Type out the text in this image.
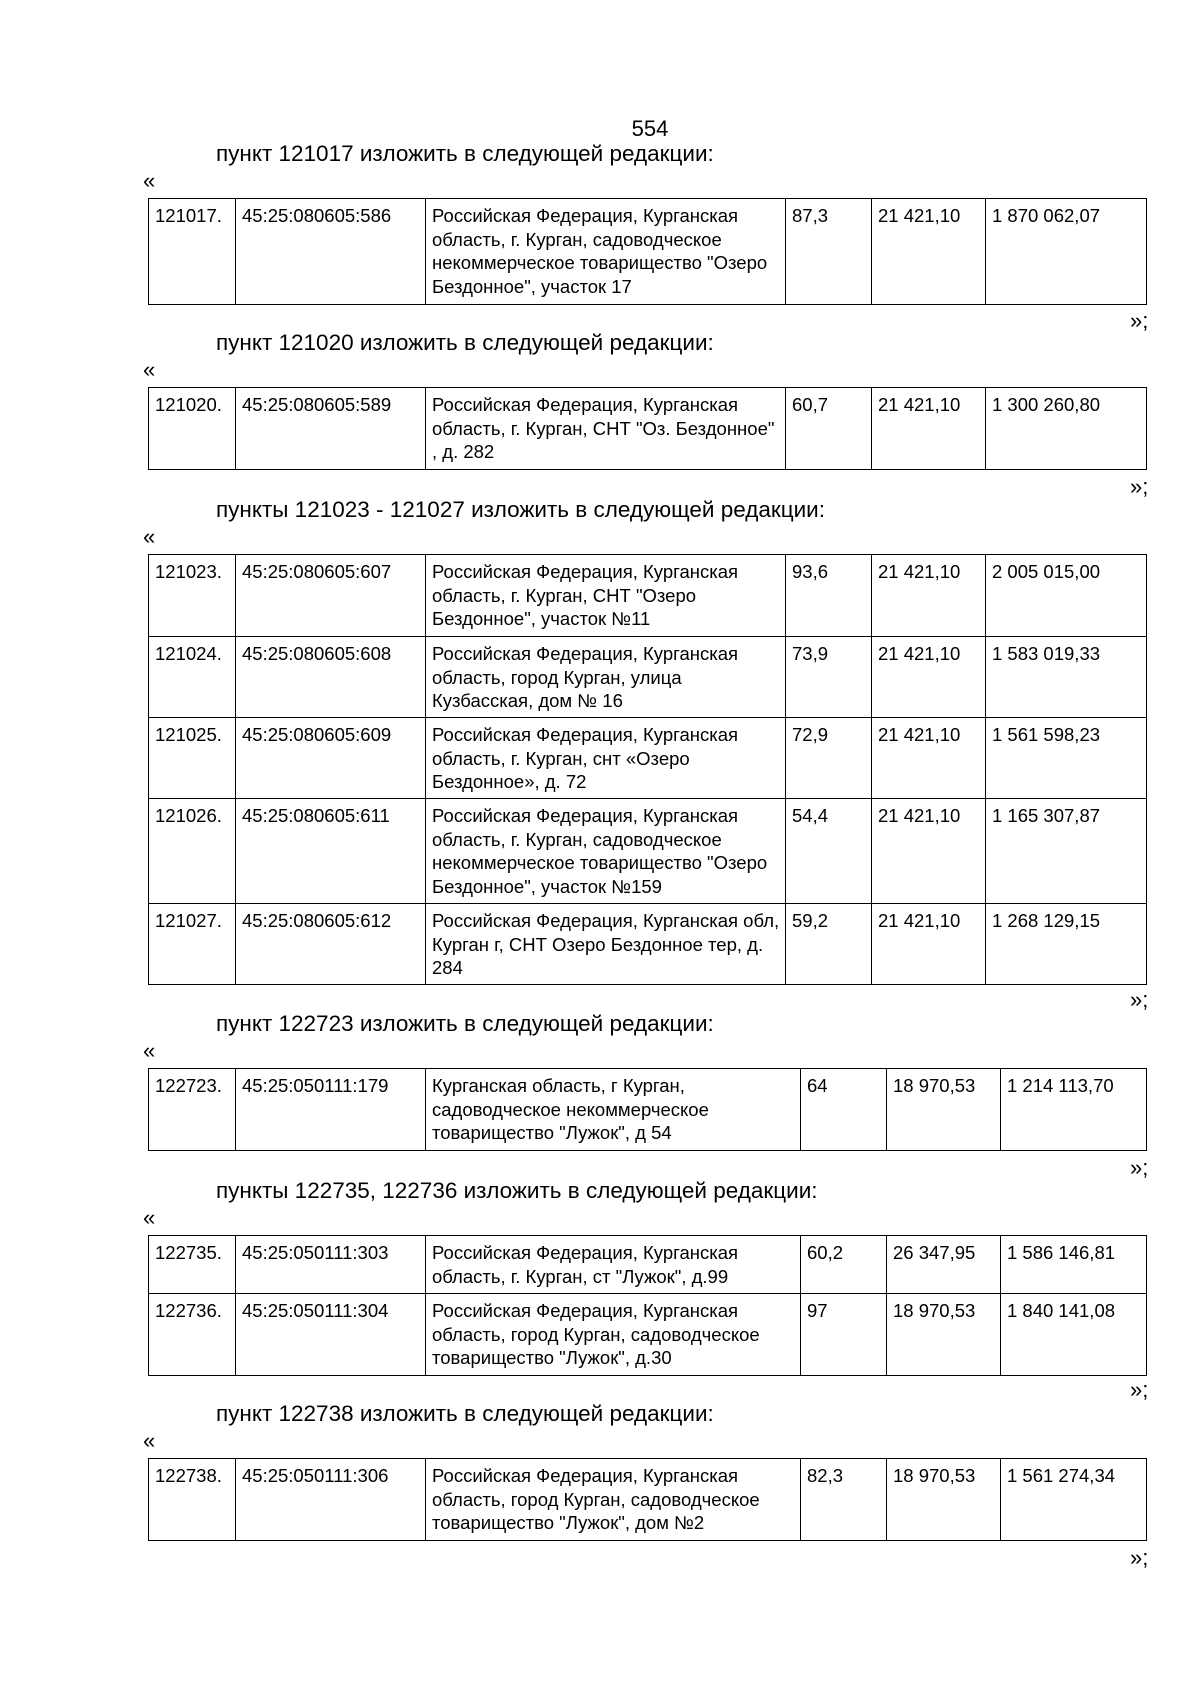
554
пункт 121017 изложить в следующей редакции:
«
121017.	45:25:080605:586	Российская Федерация, Курганская область, г. Курган, садоводческое некоммерческое товарищество "Озеро Бездонное", участок 17	87,3	21 421,10	1 870 062,07
»;
пункт 121020 изложить в следующей редакции:
«
121020.	45:25:080605:589	Российская Федерация, Курганская область, г. Курган, СНТ "Оз. Бездонное" , д. 282	60,7	21 421,10	1 300 260,80
»;
пункты 121023 - 121027 изложить в следующей редакции:
«
121023.	45:25:080605:607	Российская Федерация, Курганская область, г. Курган, СНТ "Озеро Бездонное", участок №11	93,6	21 421,10	2 005 015,00
121024.	45:25:080605:608	Российская Федерация, Курганская область, город Курган, улица Кузбасская, дом № 16	73,9	21 421,10	1 583 019,33
121025.	45:25:080605:609	Российская Федерация, Курганская область, г. Курган, снт «Озеро Бездонное», д. 72	72,9	21 421,10	1 561 598,23
121026.	45:25:080605:611	Российская Федерация, Курганская область, г. Курган, садоводческое некоммерческое товарищество "Озеро Бездонное", участок №159	54,4	21 421,10	1 165 307,87
121027.	45:25:080605:612	Российская Федерация, Курганская обл, Курган г, СНТ Озеро Бездонное тер, д. 284	59,2	21 421,10	1 268 129,15
»;
пункт 122723 изложить в следующей редакции:
«
122723.	45:25:050111:179	Курганская область, г Курган, садоводческое некоммерческое товарищество "Лужок", д 54	64	18 970,53	1 214 113,70
»;
пункты 122735, 122736 изложить в следующей редакции:
«
122735.	45:25:050111:303	Российская Федерация, Курганская область, г. Курган, ст "Лужок", д.99	60,2	26 347,95	1 586 146,81
122736.	45:25:050111:304	Российская Федерация, Курганская область, город Курган, садоводческое товарищество "Лужок", д.30	97	18 970,53	1 840 141,08
»;
пункт 122738 изложить в следующей редакции:
«
122738.	45:25:050111:306	Российская Федерация, Курганская область, город Курган, садоводческое товарищество "Лужок", дом №2	82,3	18 970,53	1 561 274,34
»;
